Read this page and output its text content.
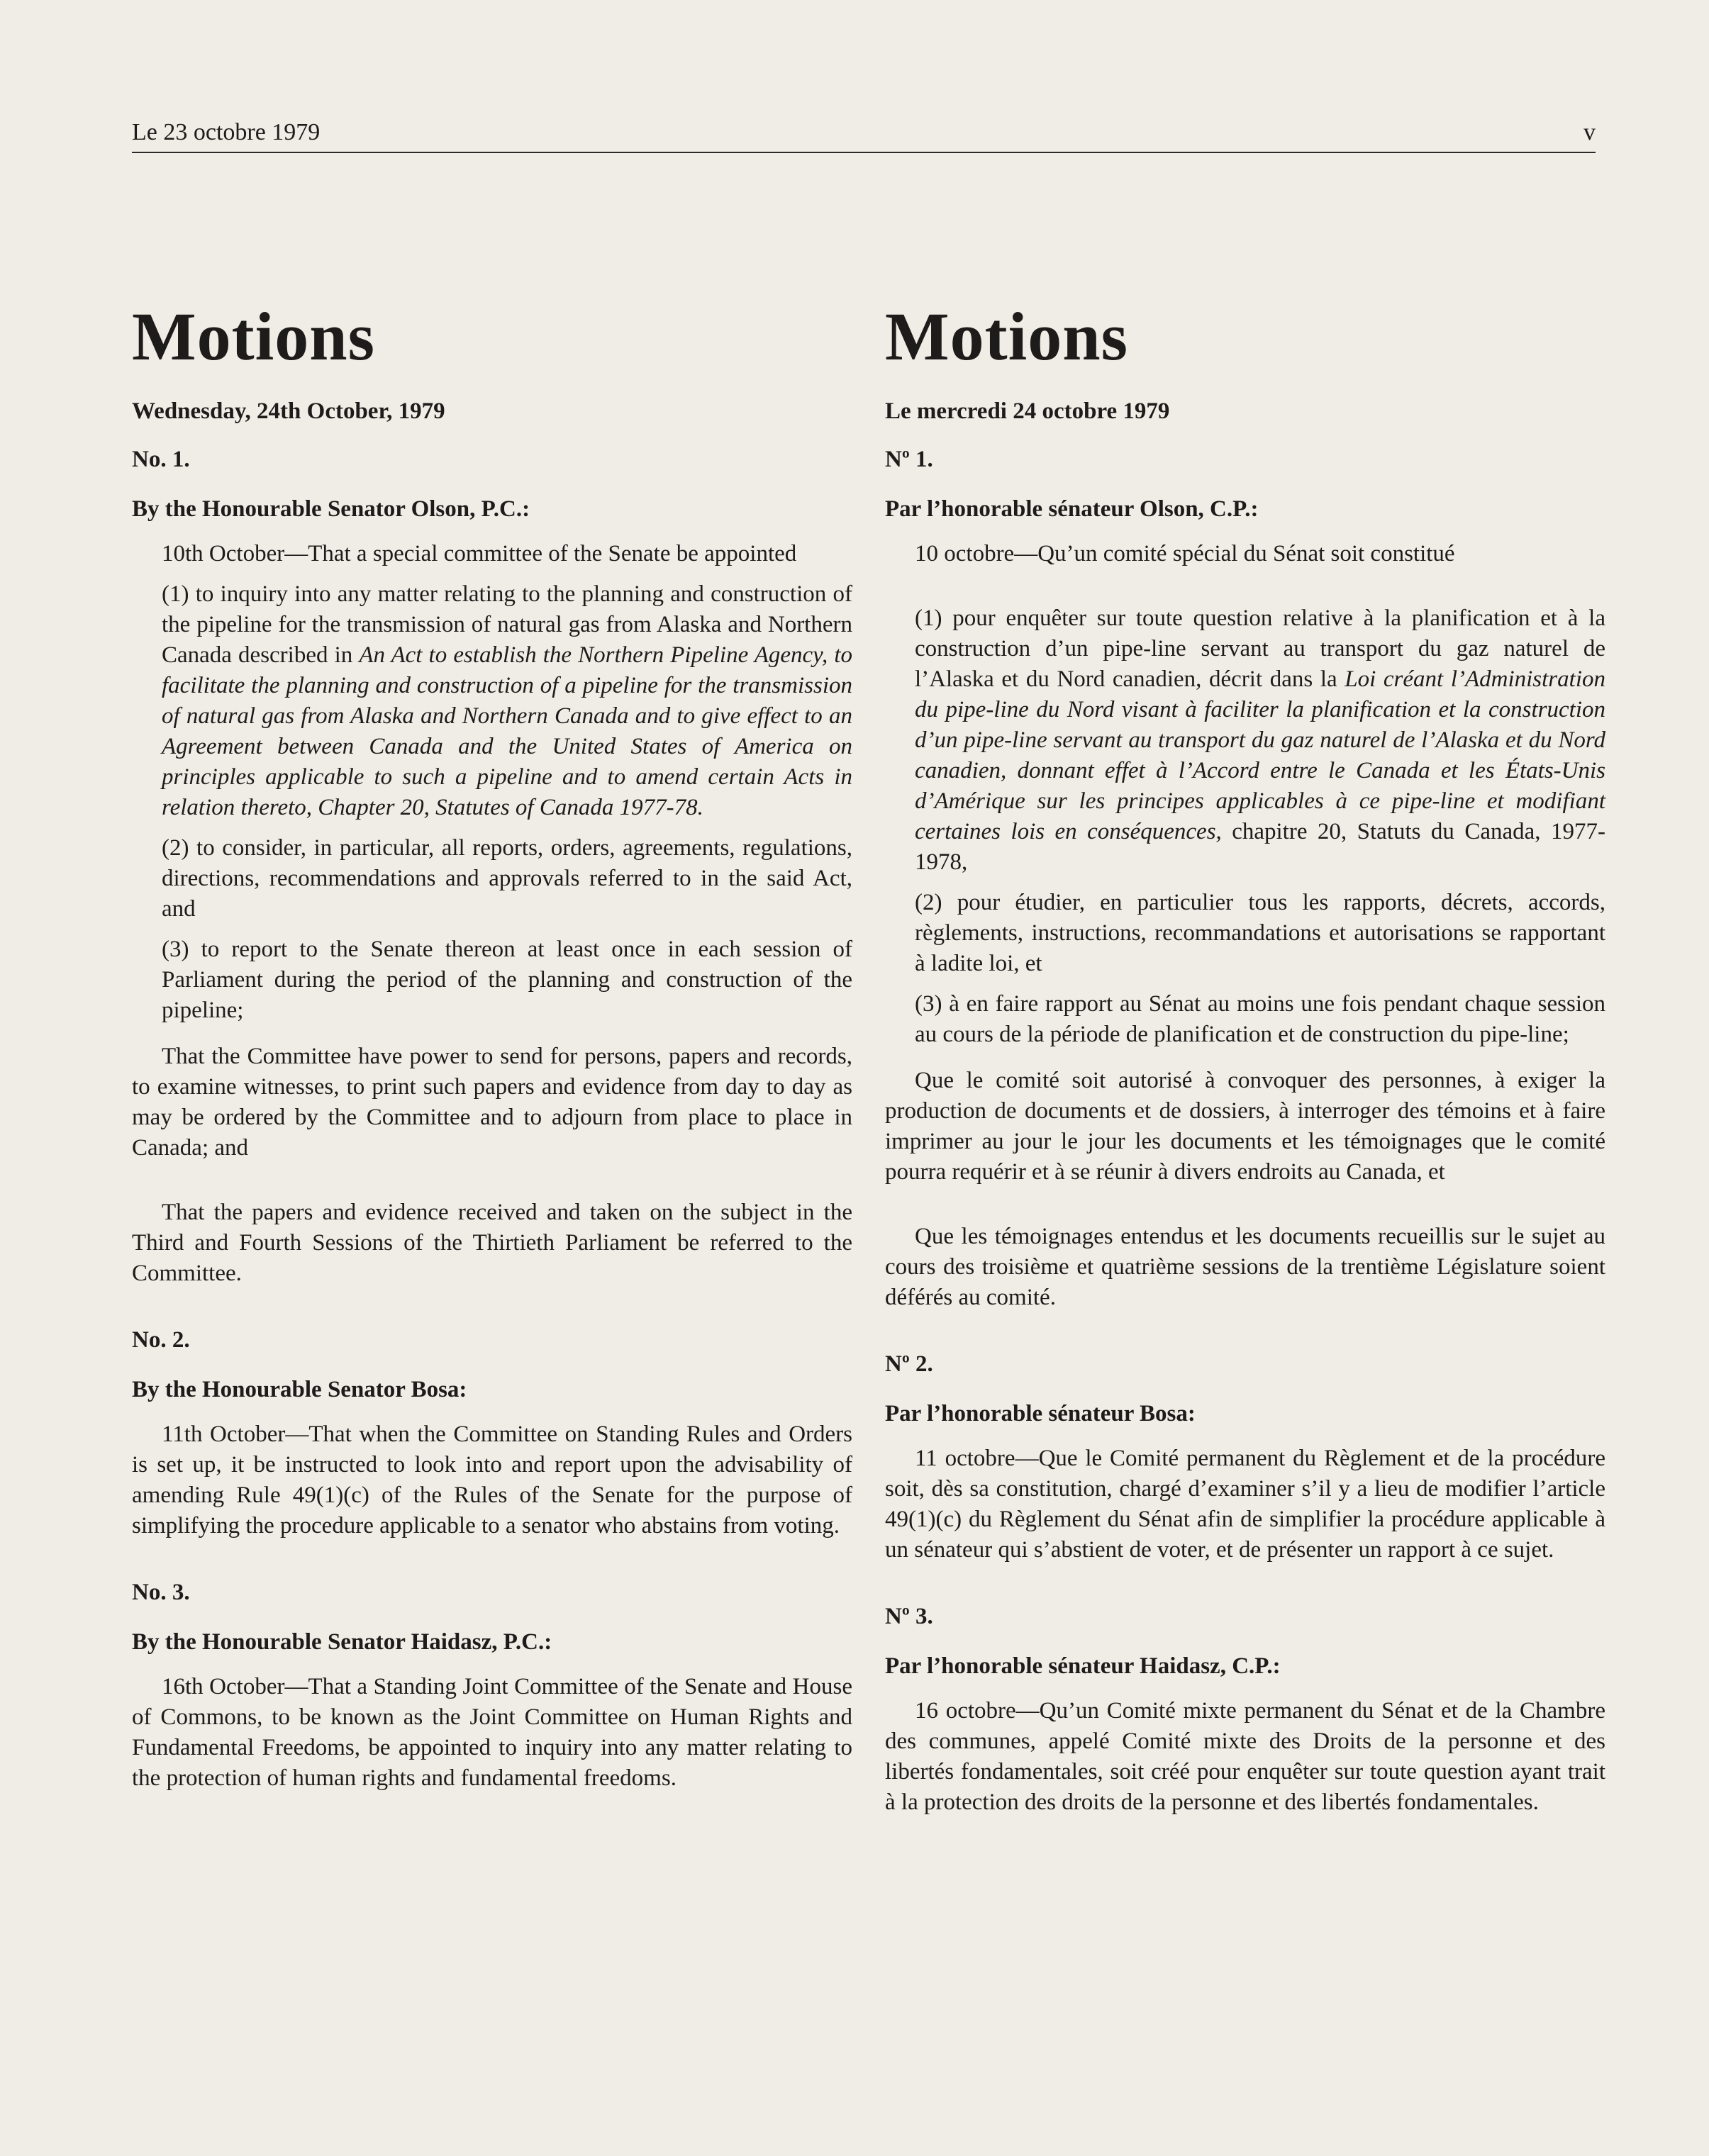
Le 23 octobre 1979	v
Motions
Wednesday, 24th October, 1979
No. 1.
By the Honourable Senator Olson, P.C.:
10th October—That a special committee of the Senate be appointed
(1) to inquiry into any matter relating to the planning and construction of the pipeline for the transmission of natural gas from Alaska and Northern Canada described in An Act to establish the Northern Pipeline Agency, to facilitate the planning and construction of a pipeline for the transmission of natural gas from Alaska and Northern Canada and to give effect to an Agreement between Canada and the United States of America on principles applicable to such a pipeline and to amend certain Acts in relation thereto, Chapter 20, Statutes of Canada 1977-78.
(2) to consider, in particular, all reports, orders, agreements, regulations, directions, recommendations and approvals referred to in the said Act, and
(3) to report to the Senate thereon at least once in each session of Parliament during the period of the planning and construction of the pipeline;
That the Committee have power to send for persons, papers and records, to examine witnesses, to print such papers and evidence from day to day as may be ordered by the Committee and to adjourn from place to place in Canada; and
That the papers and evidence received and taken on the subject in the Third and Fourth Sessions of the Thirtieth Parliament be referred to the Committee.
No. 2.
By the Honourable Senator Bosa:
11th October—That when the Committee on Standing Rules and Orders is set up, it be instructed to look into and report upon the advisability of amending Rule 49(1)(c) of the Rules of the Senate for the purpose of simplifying the procedure applicable to a senator who abstains from voting.
No. 3.
By the Honourable Senator Haidasz, P.C.:
16th October—That a Standing Joint Committee of the Senate and House of Commons, to be known as the Joint Committee on Human Rights and Fundamental Freedoms, be appointed to inquiry into any matter relating to the protection of human rights and fundamental freedoms.
Motions
Le mercredi 24 octobre 1979
Nº 1.
Par l’honorable sénateur Olson, C.P.:
10 octobre—Qu’un comité spécial du Sénat soit constitué
(1) pour enquêter sur toute question relative à la planification et à la construction d’un pipe-line servant au transport du gaz naturel de l’Alaska et du Nord canadien, décrit dans la Loi créant l’Administration du pipe-line du Nord visant à faciliter la planification et la construction d’un pipe-line servant au transport du gaz naturel de l’Alaska et du Nord canadien, donnant effet à l’Accord entre le Canada et les États-Unis d’Amérique sur les principes applicables à ce pipe-line et modifiant certaines lois en conséquences, chapitre 20, Statuts du Canada, 1977-1978,
(2) pour étudier, en particulier tous les rapports, décrets, accords, règlements, instructions, recommandations et autorisations se rapportant à ladite loi, et
(3) à en faire rapport au Sénat au moins une fois pendant chaque session au cours de la période de planification et de construction du pipe-line;
Que le comité soit autorisé à convoquer des personnes, à exiger la production de documents et de dossiers, à interroger des témoins et à faire imprimer au jour le jour les documents et les témoignages que le comité pourra requérir et à se réunir à divers endroits au Canada, et
Que les témoignages entendus et les documents recueillis sur le sujet au cours des troisième et quatrième sessions de la trentième Législature soient déférés au comité.
Nº 2.
Par l’honorable sénateur Bosa:
11 octobre—Que le Comité permanent du Règlement et de la procédure soit, dès sa constitution, chargé d’examiner s’il y a lieu de modifier l’article 49(1)(c) du Règlement du Sénat afin de simplifier la procédure applicable à un sénateur qui s’abstient de voter, et de présenter un rapport à ce sujet.
Nº 3.
Par l’honorable sénateur Haidasz, C.P.:
16 octobre—Qu’un Comité mixte permanent du Sénat et de la Chambre des communes, appelé Comité mixte des Droits de la personne et des libertés fondamentales, soit créé pour enquêter sur toute question ayant trait à la protection des droits de la personne et des libertés fondamentales.
